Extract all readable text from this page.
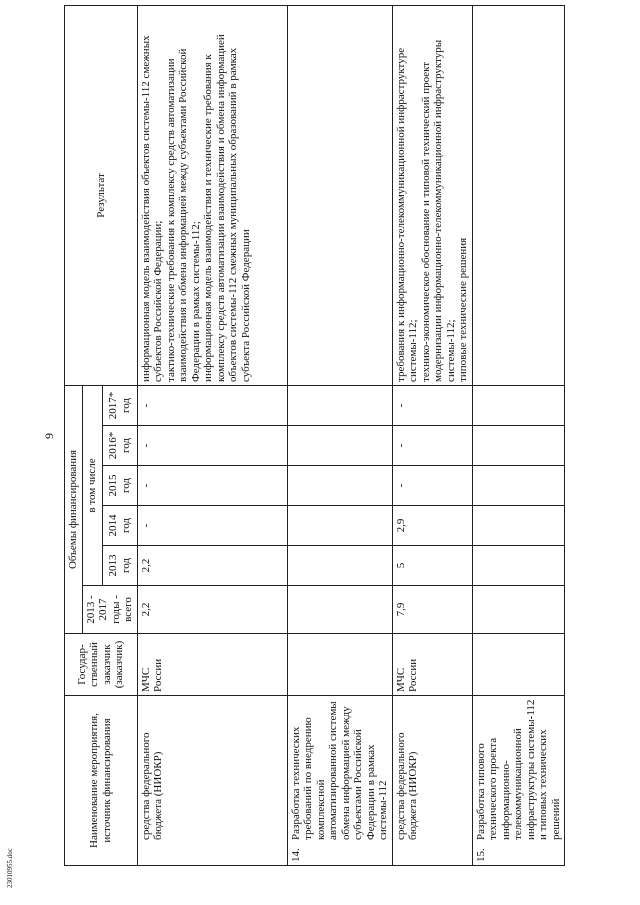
9
Наименование мероприятия, источник финансирования	Государ-ственный заказчик (заказчик)	Объемы финансирования						Результат
		2013 - 2017 годы - всего	в том числе					
			2013 год	2014 год	2015 год	2016* год	2017* год	

средства федерального бюджета (НИОКР)	МЧС России	2,2	2,2	-	-	-	-	информационная модель взаимодействия объектов системы-112 смежных субъектов Российской Федерации; тактико-технические требования к комплексу средств автоматизации взаимодействия и обмена информацией между субъектами Российской Федерации в рамках системы-112; информационная модель взаимодействия и технические требования к комплексу средств автоматизации взаимодействия и обмена информацией объектов системы-112 смежных муниципальных образований в рамках субъекта Российской Федерации

14.
Разработка технических требований по внедрению комплексной автоматизированной системы обмена информацией между субъектами Российской Федерации в рамках системы-112								

средства федерального бюджета (НИОКР)	МЧС России	7,9	5	2,9	-	-	-	требования к информационно-телекоммуникационной инфраструктуре системы-112; технико-экономическое обоснование и типовой технический проект модернизации информационно-телекоммуникационной инфраструктуры системы-112; типовые технические решения

15.
Разработка типового технического проекта информационно-телекоммуникационной инфраструктуры системы-112 и типовых технических решений								

23010955.doc
